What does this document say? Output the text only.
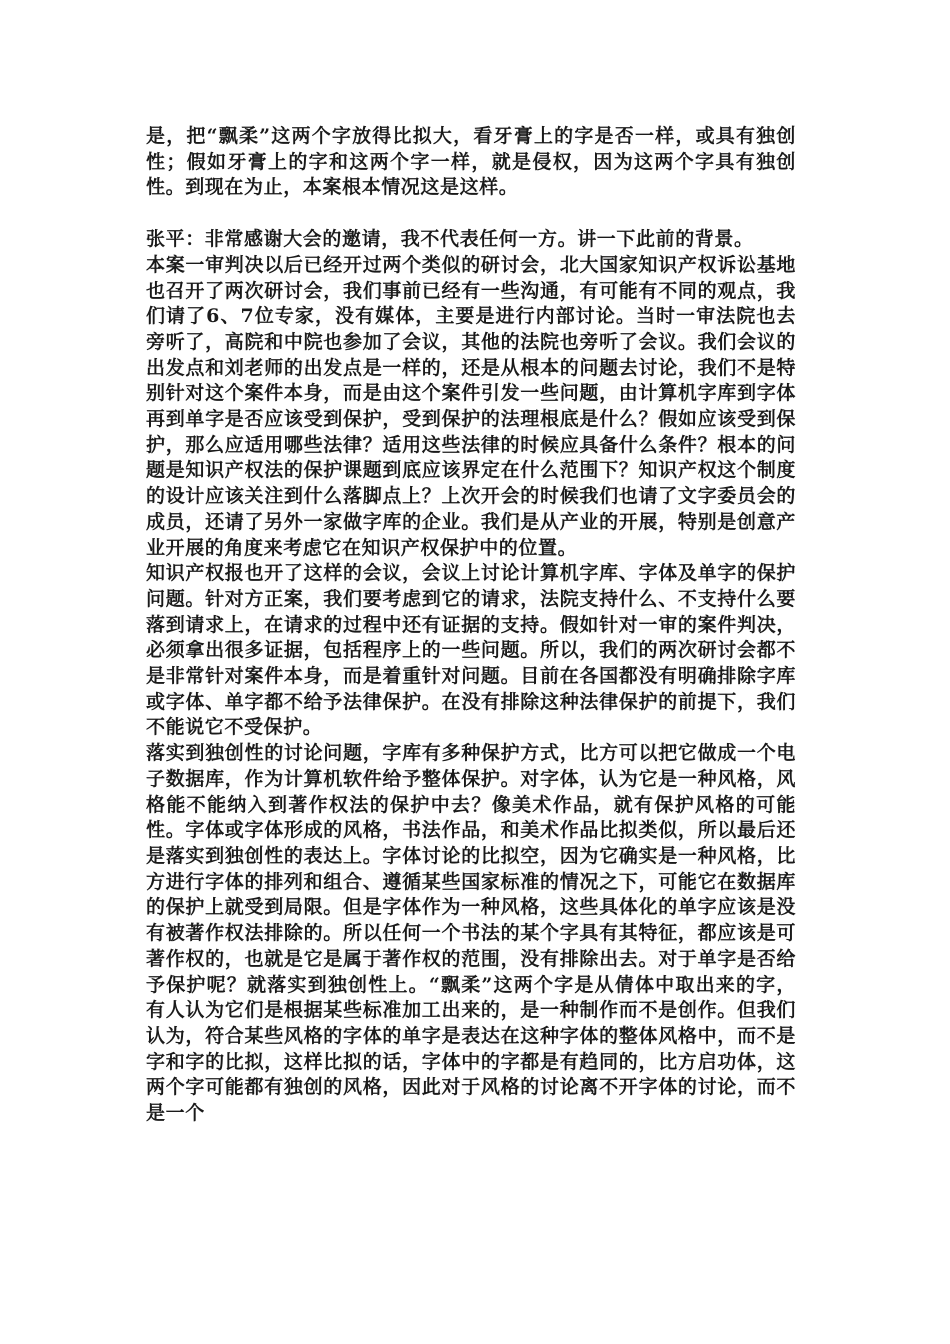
是，把“飘柔”这两个字放得比拟大，看牙膏上的字是否一样，或具有独创性；假如牙膏上的字和这两个字一样，就是侵权，因为这两个字具有独创性。到现在为止，本案根本情况这是这样。

张平：非常感谢大会的邀请，我不代表任何一方。讲一下此前的背景。

本案一审判决以后已经开过两个类似的研讨会，北大国家知识产权诉讼基地也召开了两次研讨会，我们事前已经有一些沟通，有可能有不同的观点，我们请了6、7位专家，没有媒体，主要是进行内部讨论。当时一审法院也去旁听了，高院和中院也参加了会议，其他的法院也旁听了会议。我们会议的出发点和刘老师的出发点是一样的，还是从根本的问题去讨论，我们不是特别针对这个案件本身，而是由这个案件引发一些问题，由计算机字库到字体再到单字是否应该受到保护，受到保护的法理根底是什么？假如应该受到保护，那么应适用哪些法律？适用这些法律的时候应具备什么条件？根本的问题是知识产权法的保护课题到底应该界定在什么范围下？知识产权这个制度的设计应该关注到什么落脚点上？上次开会的时候我们也请了文字委员会的成员，还请了另外一家做字库的企业。我们是从产业的开展，特别是创意产业开展的角度来考虑它在知识产权保护中的位置。

知识产权报也开了这样的会议，会议上讨论计算机字库、字体及单字的保护问题。针对方正案，我们要考虑到它的请求，法院支持什么、不支持什么要落到请求上，在请求的过程中还有证据的支持。假如针对一审的案件判决，必须拿出很多证据，包括程序上的一些问题。所以，我们的两次研讨会都不是非常针对案件本身，而是着重针对问题。目前在各国都没有明确排除字库或字体、单字都不给予法律保护。在没有排除这种法律保护的前提下，我们不能说它不受保护。

落实到独创性的讨论问题，字库有多种保护方式，比方可以把它做成一个电子数据库，作为计算机软件给予整体保护。对字体，认为它是一种风格，风格能不能纳入到著作权法的保护中去？像美术作品，就有保护风格的可能性。字体或字体形成的风格，书法作品，和美术作品比拟类似，所以最后还是落实到独创性的表达上。字体讨论的比拟空，因为它确实是一种风格，比方进行字体的排列和组合、遵循某些国家标准的情况之下，可能它在数据库的保护上就受到局限。但是字体作为一种风格，这些具体化的单字应该是没有被著作权法排除的。所以任何一个书法的某个字具有其特征，都应该是可著作权的，也就是它是属于著作权的范围，没有排除出去。对于单字是否给予保护呢？就落实到独创性上。“飘柔”这两个字是从倩体中取出来的字，有人认为它们是根据某些标准加工出来的，是一种制作而不是创作。但我们认为，符合某些风格的字体的单字是表达在这种字体的整体风格中，而不是字和字的比拟，这样比拟的话，字体中的字都是有趋同的，比方启功体，这两个字可能都有独创的风格，因此对于风格的讨论离不开字体的讨论，而不是一个
